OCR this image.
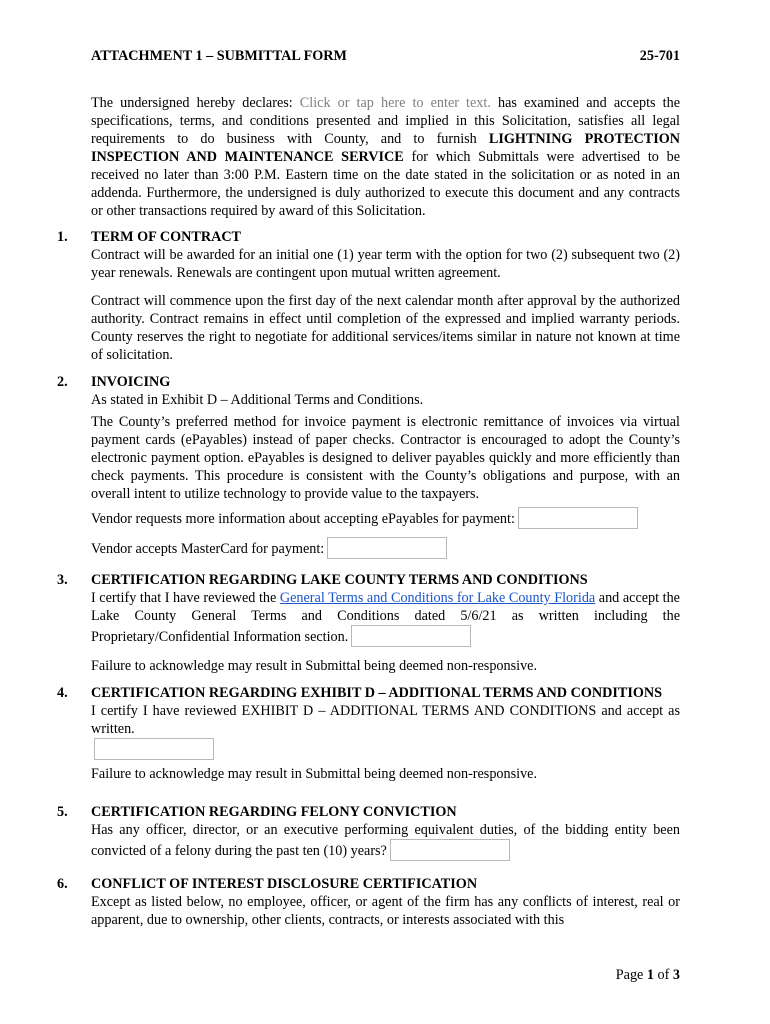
ATTACHMENT 1 – SUBMITTAL FORM	25-701

The undersigned hereby declares: Click or tap here to enter text. has examined and accepts the specifications, terms, and conditions presented and implied in this Solicitation, satisfies all legal requirements to do business with County, and to furnish LIGHTNING PROTECTION INSPECTION AND MAINTENANCE SERVICE for which Submittals were advertised to be received no later than 3:00 P.M. Eastern time on the date stated in the solicitation or as noted in an addenda. Furthermore, the undersigned is duly authorized to execute this document and any contracts or other transactions required by award of this Solicitation.

1. TERM OF CONTRACT

Contract will be awarded for an initial one (1) year term with the option for two (2) subsequent two (2) year renewals. Renewals are contingent upon mutual written agreement.

Contract will commence upon the first day of the next calendar month after approval by the authorized authority. Contract remains in effect until completion of the expressed and implied warranty periods. County reserves the right to negotiate for additional services/items similar in nature not known at time of solicitation.

2. INVOICING

As stated in Exhibit D – Additional Terms and Conditions.

The County’s preferred method for invoice payment is electronic remittance of invoices via virtual payment cards (ePayables) instead of paper checks. Contractor is encouraged to adopt the County’s electronic payment option. ePayables is designed to deliver payables quickly and more efficiently than check payments. This procedure is consistent with the County’s obligations and purpose, with an overall intent to utilize technology to provide value to the taxpayers.

Vendor requests more information about accepting ePayables for payment:
Vendor accepts MasterCard for payment:
3. CERTIFICATION REGARDING LAKE COUNTY TERMS AND CONDITIONS

I certify that I have reviewed the General Terms and Conditions for Lake County Florida and accept the Lake County General Terms and Conditions dated 5/6/21 as written including the Proprietary/Confidential Information section.

Failure to acknowledge may result in Submittal being deemed non-responsive.

4. CERTIFICATION REGARDING EXHIBIT D – ADDITIONAL TERMS AND CONDITIONS

I certify I have reviewed EXHIBIT D – ADDITIONAL TERMS AND CONDITIONS and accept as written.

Failure to acknowledge may result in Submittal being deemed non-responsive.

5. CERTIFICATION REGARDING FELONY CONVICTION

Has any officer, director, or an executive performing equivalent duties, of the bidding entity been convicted of a felony during the past ten (10) years?

6. CONFLICT OF INTEREST DISCLOSURE CERTIFICATION

Except as listed below, no employee, officer, or agent of the firm has any conflicts of interest, real or apparent, due to ownership, other clients, contracts, or interests associated with this

Page 1 of 3
